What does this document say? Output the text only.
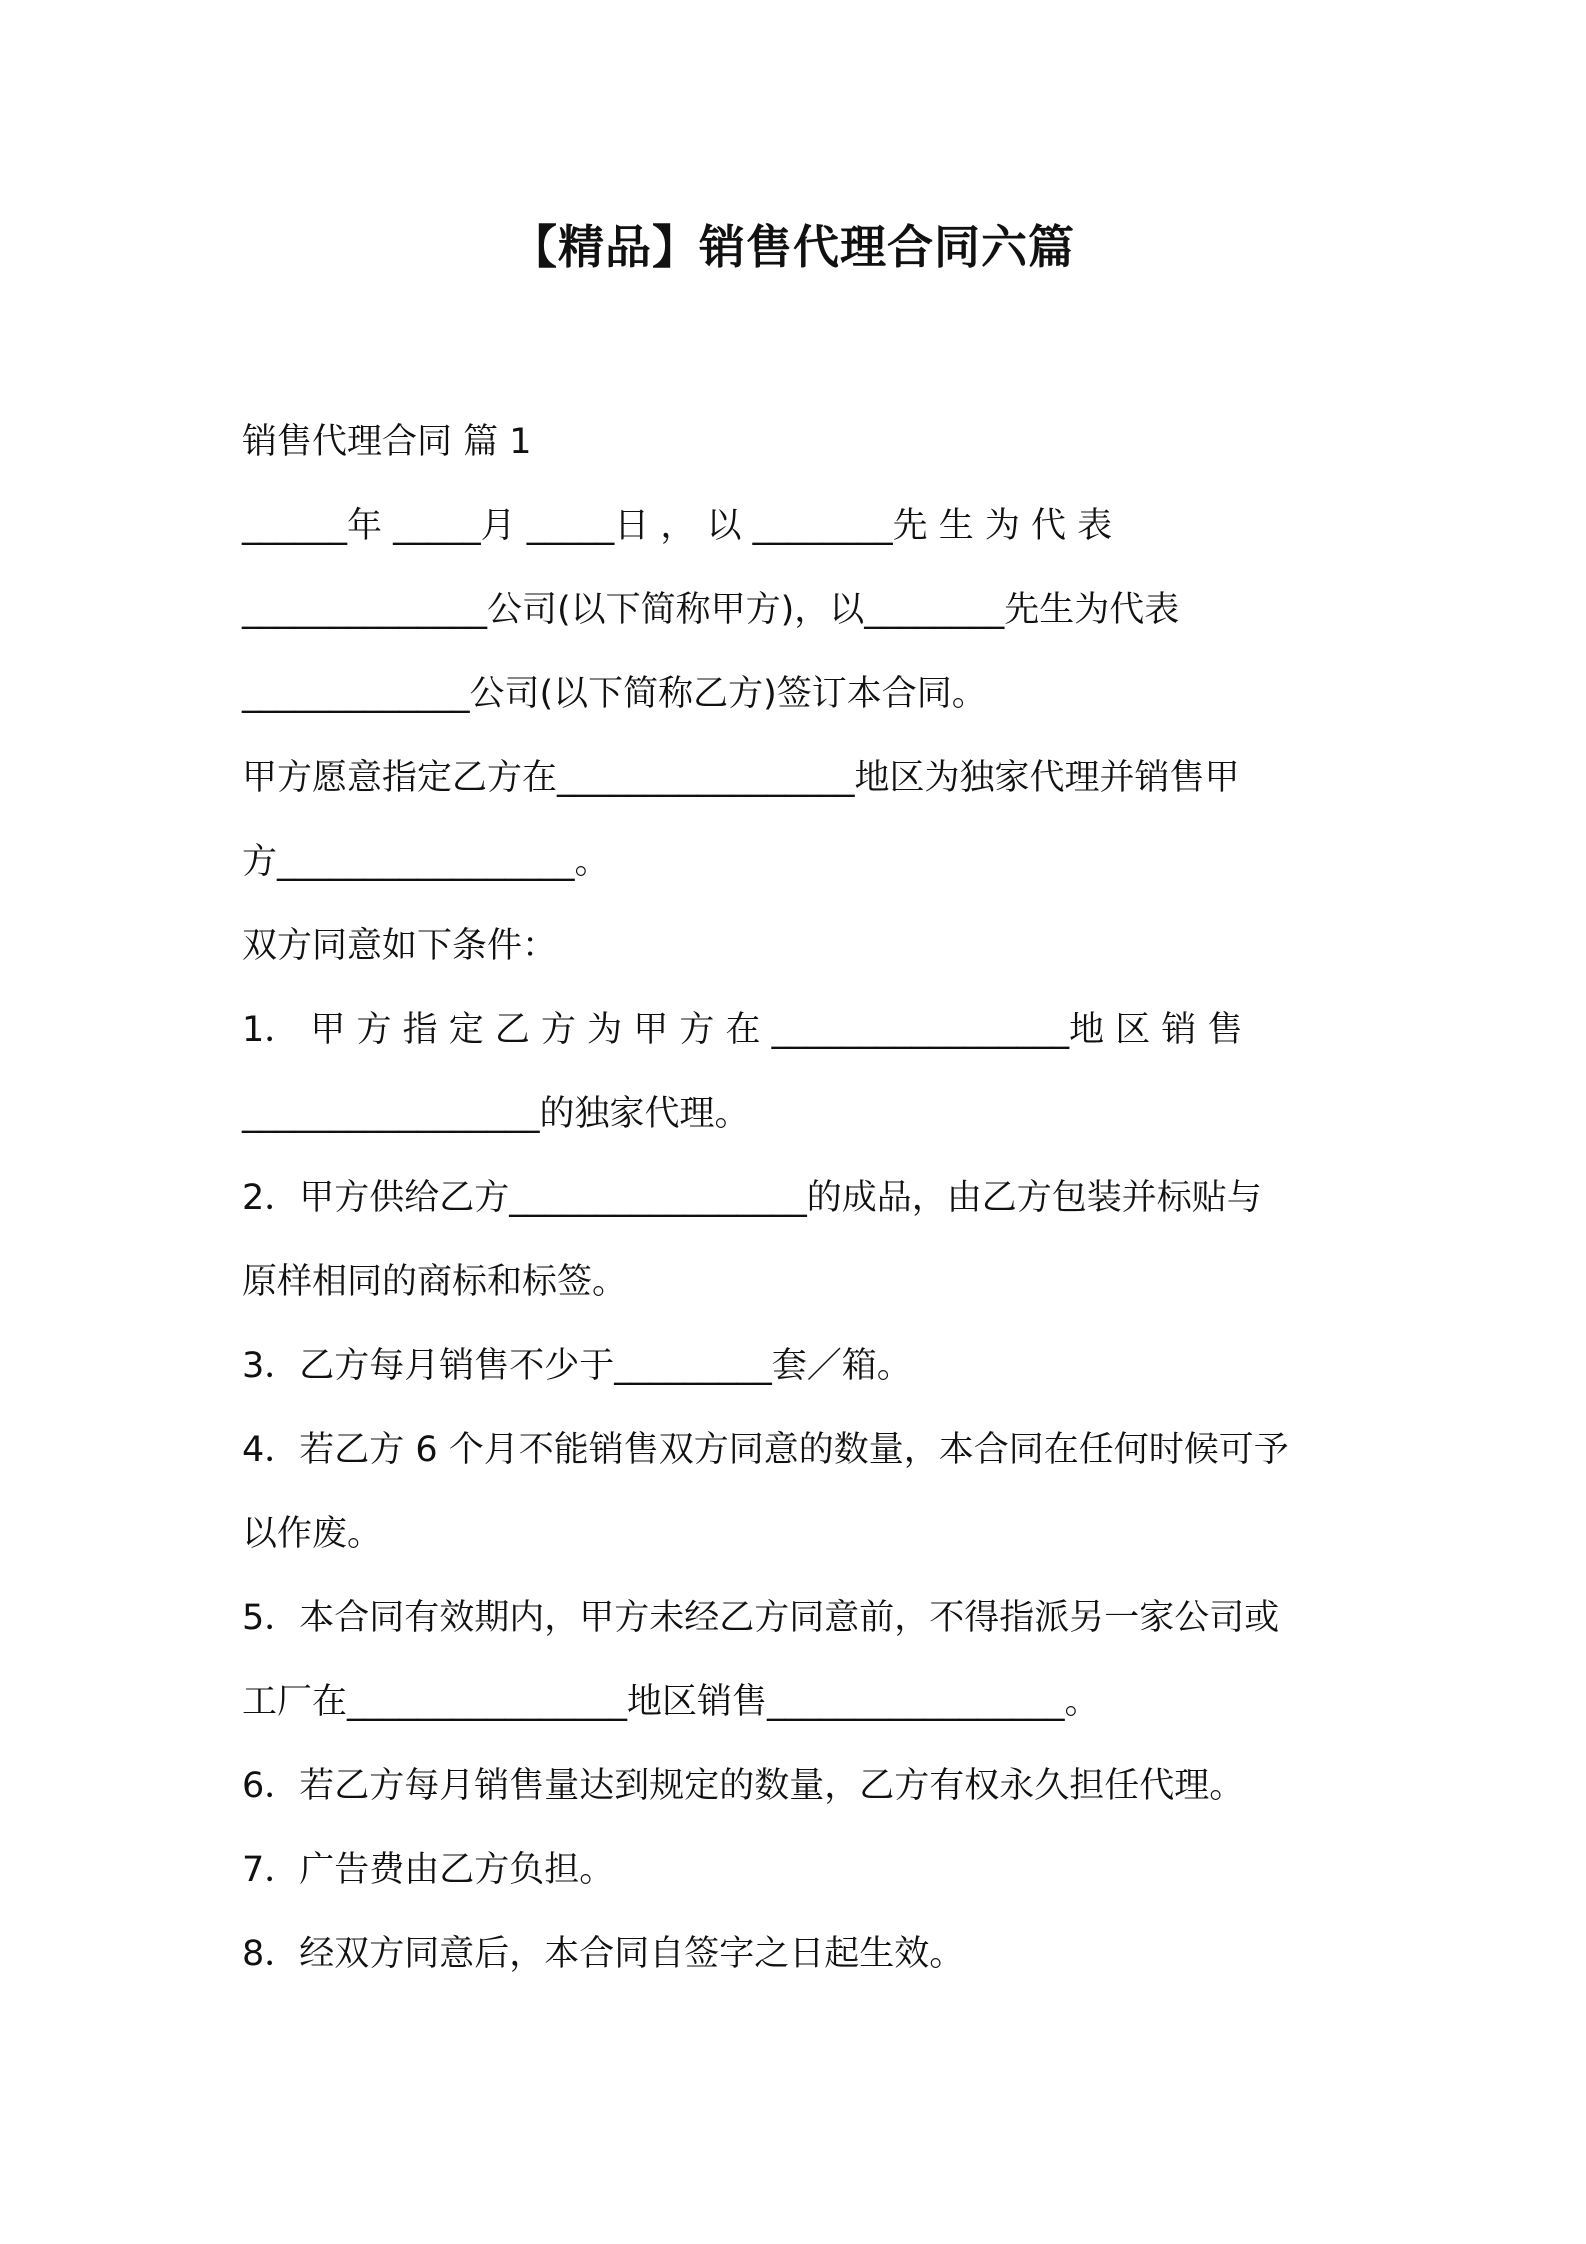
【精品】销售代理合同六篇
销售代理合同 篇 1
______年 _____月 _____日 ， 以 ________先 生 为 代 表
______________公司(以下简称甲方)，以________先生为代表
_____________公司(以下简称乙方)签订本合同。
甲方愿意指定乙方在_________________地区为独家代理并销售甲
方_________________。
双方同意如下条件：
1． 甲 方 指 定 乙 方 为 甲 方 在 _________________地 区 销 售
_________________的独家代理。
2．甲方供给乙方_________________的成品，由乙方包装并标贴与
原样相同的商标和标签。
3．乙方每月销售不少于_________套／箱。
4．若乙方 6 个月不能销售双方同意的数量，本合同在任何时候可予
以作废。
5．本合同有效期内，甲方未经乙方同意前，不得指派另一家公司或
工厂在________________地区销售_________________。
6．若乙方每月销售量达到规定的数量，乙方有权永久担任代理。
7．广告费由乙方负担。
8．经双方同意后，本合同自签字之日起生效。
